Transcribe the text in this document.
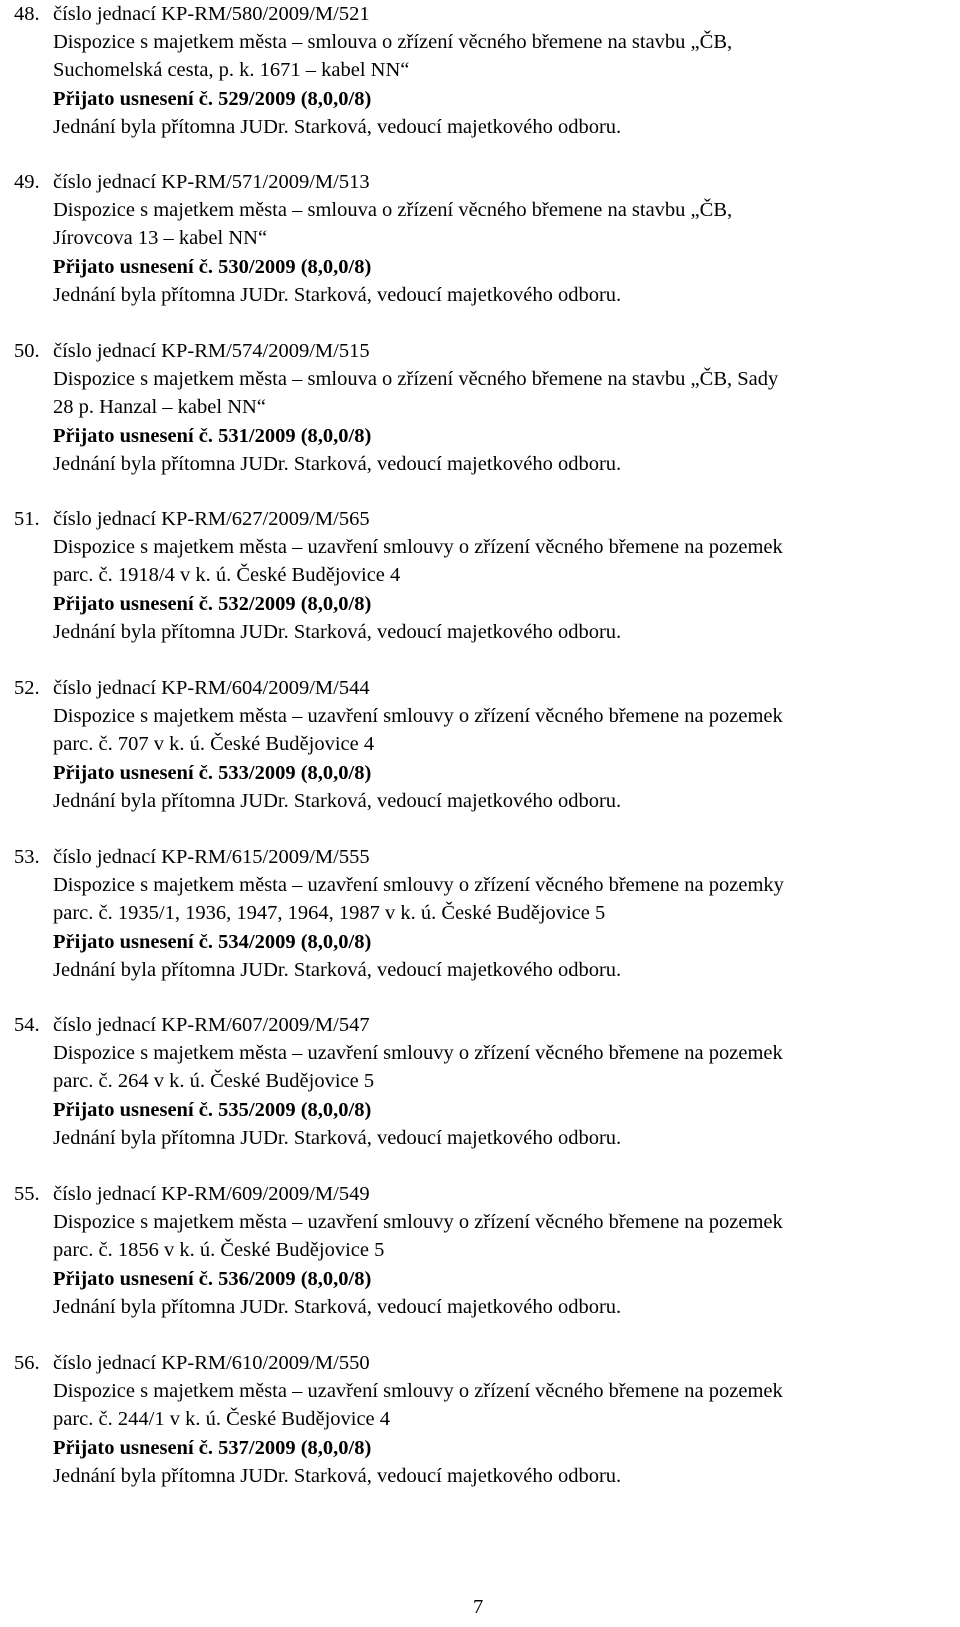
48. číslo jednací KP-RM/580/2009/M/521
Dispozice s majetkem města – smlouva o zřízení věcného břemene na stavbu „ČB,
Suchomelská cesta, p. k. 1671 – kabel NN“
Přijato usnesení č. 529/2009 (8,0,0/8)
Jednání byla přítomna JUDr. Starková, vedoucí majetkového odboru.
49. číslo jednací KP-RM/571/2009/M/513
Dispozice s majetkem města – smlouva o zřízení věcného břemene na stavbu „ČB,
Jírovcova 13 – kabel NN“
Přijato usnesení č. 530/2009 (8,0,0/8)
Jednání byla přítomna JUDr. Starková, vedoucí majetkového odboru.
50. číslo jednací KP-RM/574/2009/M/515
Dispozice s majetkem města – smlouva o zřízení věcného břemene na stavbu „ČB, Sady
28 p. Hanzal – kabel NN“
Přijato usnesení č. 531/2009 (8,0,0/8)
Jednání byla přítomna JUDr. Starková, vedoucí majetkového odboru.
51. číslo jednací KP-RM/627/2009/M/565
Dispozice s majetkem města – uzavření smlouvy o zřízení věcného břemene na pozemek
parc. č. 1918/4 v k. ú. České Budějovice 4
Přijato usnesení č. 532/2009 (8,0,0/8)
Jednání byla přítomna JUDr. Starková, vedoucí majetkového odboru.
52. číslo jednací KP-RM/604/2009/M/544
Dispozice s majetkem města – uzavření smlouvy o zřízení věcného břemene na pozemek
parc. č. 707 v k. ú. České Budějovice 4
Přijato usnesení č. 533/2009 (8,0,0/8)
Jednání byla přítomna JUDr. Starková, vedoucí majetkového odboru.
53. číslo jednací KP-RM/615/2009/M/555
Dispozice s majetkem města – uzavření smlouvy o zřízení věcného břemene na pozemky
parc. č. 1935/1, 1936, 1947, 1964, 1987 v k. ú. České Budějovice 5
Přijato usnesení č. 534/2009 (8,0,0/8)
Jednání byla přítomna JUDr. Starková, vedoucí majetkového odboru.
54. číslo jednací KP-RM/607/2009/M/547
Dispozice s majetkem města – uzavření smlouvy o zřízení věcného břemene na pozemek
parc. č. 264 v k. ú. České Budějovice 5
Přijato usnesení č. 535/2009 (8,0,0/8)
Jednání byla přítomna JUDr. Starková, vedoucí majetkového odboru.
55. číslo jednací KP-RM/609/2009/M/549
Dispozice s majetkem města – uzavření smlouvy o zřízení věcného břemene na pozemek
parc. č. 1856 v k. ú. České Budějovice 5
Přijato usnesení č. 536/2009 (8,0,0/8)
Jednání byla přítomna JUDr. Starková, vedoucí majetkového odboru.
56. číslo jednací KP-RM/610/2009/M/550
Dispozice s majetkem města – uzavření smlouvy o zřízení věcného břemene na pozemek
parc. č. 244/1 v k. ú. České Budějovice 4
Přijato usnesení č. 537/2009 (8,0,0/8)
Jednání byla přítomna JUDr. Starková, vedoucí majetkového odboru.
7
